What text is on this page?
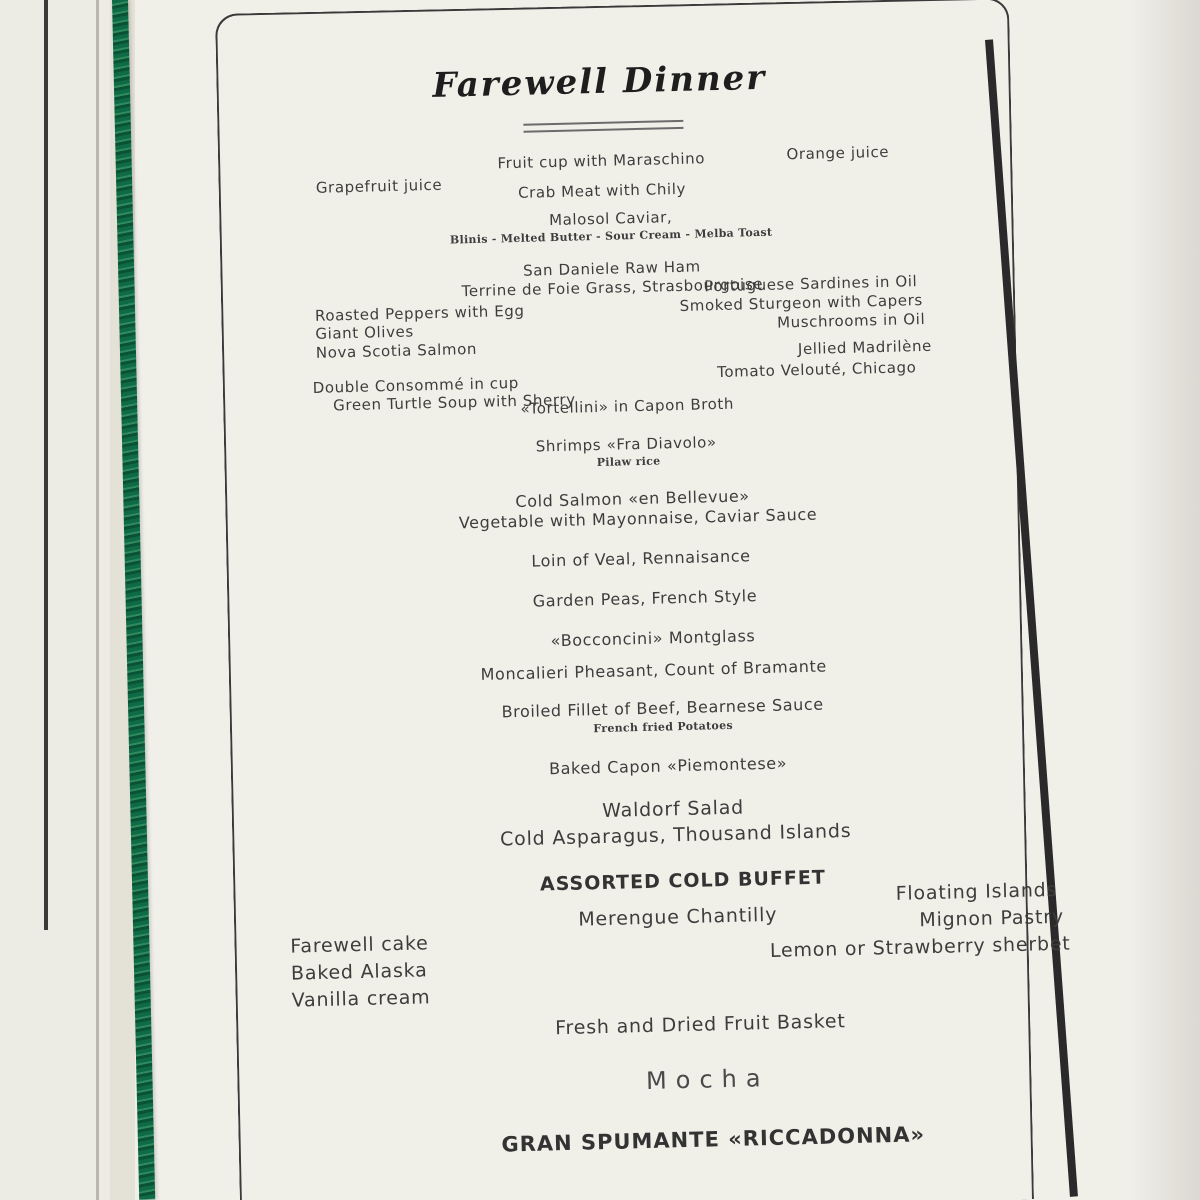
Farewell Dinner
Grapefruit juice
Fruit cup with Maraschino
Crab Meat with Chily
Orange juice
Malosol Caviar,
Blinis - Melted Butter - Sour Cream - Melba Toast
San Daniele Raw Ham
Terrine de Foie Grass, Strasbourgoise
Roasted Peppers with Egg
Giant Olives
Nova Scotia Salmon
Portuguese Sardines in Oil
Smoked Sturgeon with Capers
Muschrooms in Oil
Double Consommé in cup
Green Turtle Soup with Sherry
Jellied Madrilène
Tomato Velouté, Chicago
«Tortellini» in Capon Broth
Shrimps «Fra Diavolo»
Pilaw rice
Cold Salmon «en Bellevue»
Vegetable with Mayonnaise, Caviar Sauce
Loin of Veal, Rennaisance
Garden Peas, French Style
«Bocconcini» Montglass
Moncalieri Pheasant, Count of Bramante
Broiled Fillet of Beef, Bearnese Sauce
French fried Potatoes
Baked Capon «Piemontese»
Waldorf Salad
Cold Asparagus, Thousand Islands
ASSORTED COLD BUFFET
Farewell cake
Baked Alaska
Vanilla cream
Merengue Chantilly
Floating Islands
Mignon Pastry
Lemon or Strawberry sherbet
Fresh and Dried Fruit Basket
Mocha
GRAN SPUMANTE «RICCADONNA»
